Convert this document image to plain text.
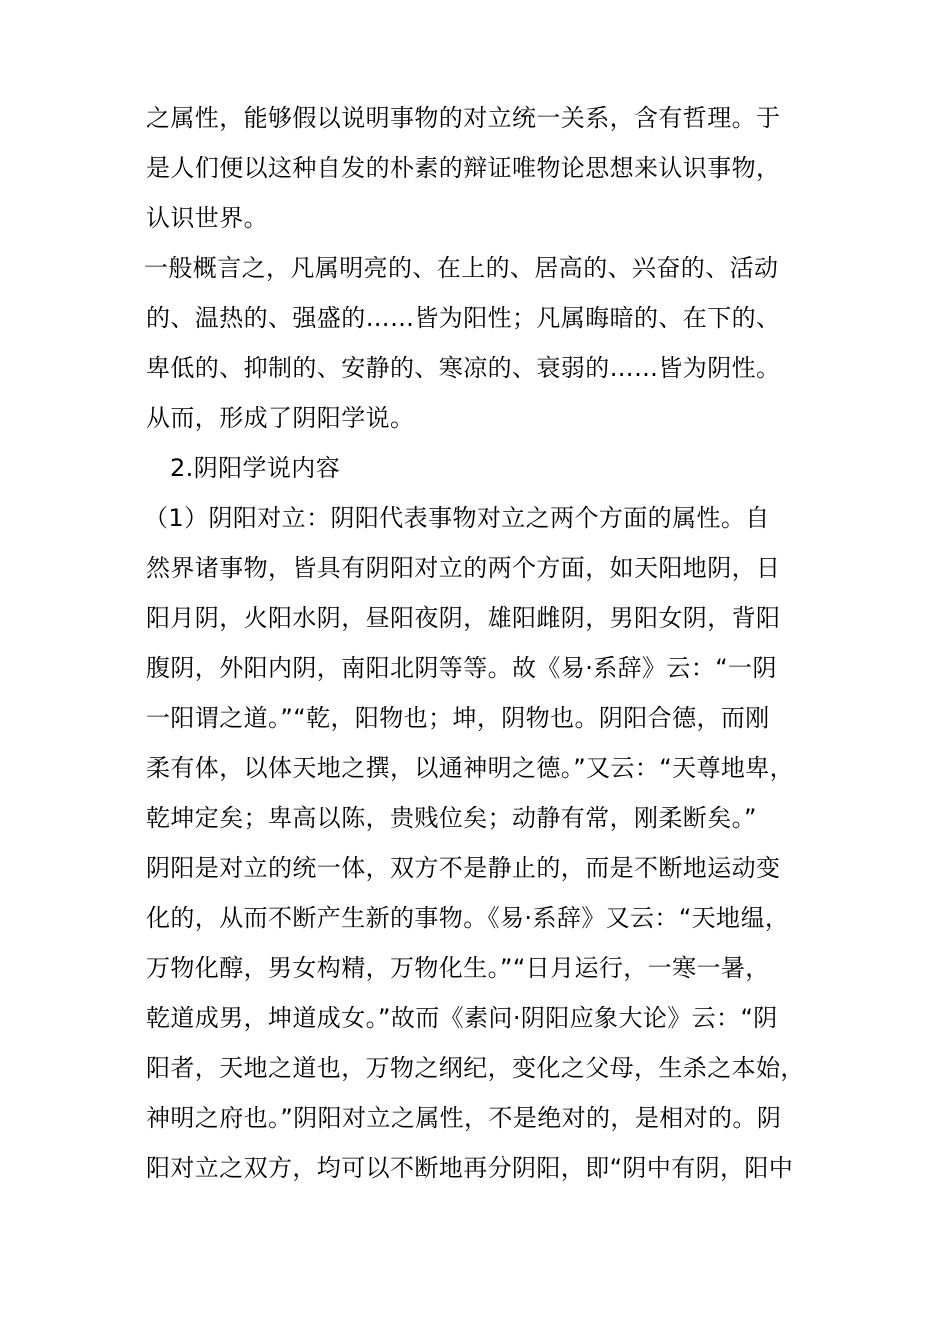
之属性，能够假以说明事物的对立统一关系，含有哲理。于
是人们便以这种自发的朴素的辩证唯物论思想来认识事物，
认识世界。
一般概言之，凡属明亮的、在上的、居高的、兴奋的、活动
的、温热的、强盛的……皆为阳性；凡属晦暗的、在下的、
卑低的、抑制的、安静的、寒凉的、衰弱的……皆为阴性。
从而，形成了阴阳学说。
2.阴阳学说内容
（1）阴阳对立：阴阳代表事物对立之两个方面的属性。自
然界诸事物，皆具有阴阳对立的两个方面，如天阳地阴，日
阳月阴，火阳水阴，昼阳夜阴，雄阳雌阴，男阳女阴，背阳
腹阴，外阳内阴，南阳北阴等等。故《易·系辞》云：“一阴
一阳谓之道。”“乾，阳物也；坤，阴物也。阴阳合德，而刚
柔有体，以体天地之撰，以通神明之德。”又云：“天尊地卑，
乾坤定矣；卑高以陈，贵贱位矣；动静有常，刚柔断矣。”
阴阳是对立的统一体，双方不是静止的，而是不断地运动变
化的，从而不断产生新的事物。《易·系辞》又云：“天地缊，
万物化醇，男女构精，万物化生。”“日月运行，一寒一暑，
乾道成男，坤道成女。”故而《素问·阴阳应象大论》云：“阴
阳者，天地之道也，万物之纲纪，变化之父母，生杀之本始，
神明之府也。”阴阳对立之属性，不是绝对的，是相对的。阴
阳对立之双方，均可以不断地再分阴阳，即“阴中有阴，阳中
